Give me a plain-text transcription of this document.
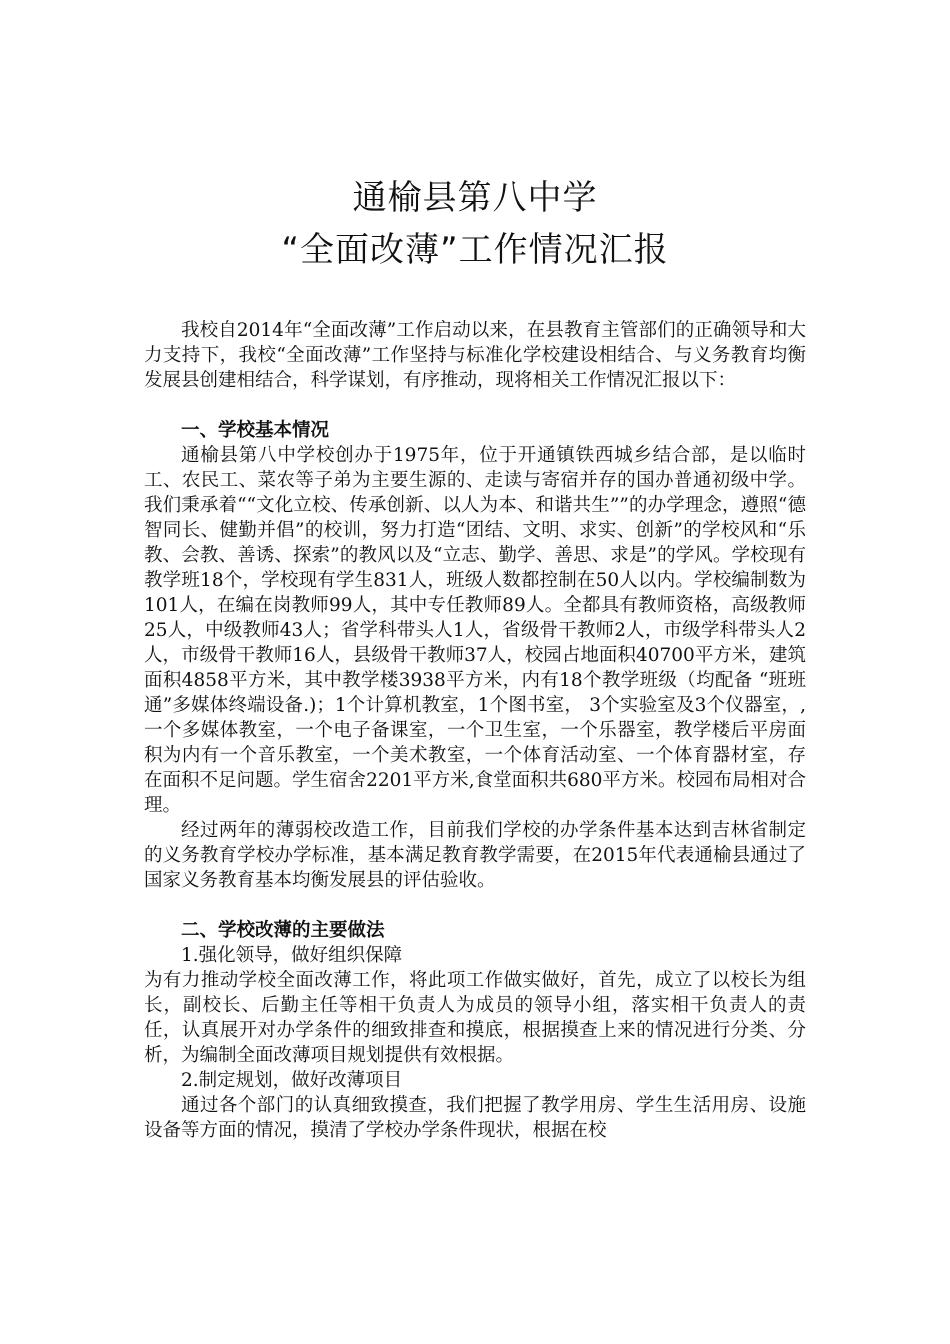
通榆县第八中学
“全面改薄”工作情况汇报

我校自2014年“全面改薄”工作启动以来，在县教育主管部们的正确领导和大力支持下，我校“全面改薄”工作坚持与标准化学校建设相结合、与义务教育均衡发展县创建相结合，科学谋划，有序推动，现将相关工作情况汇报以下：

一、学校基本情况

通榆县第八中学校创办于1975年，位于开通镇铁西城乡结合部，是以临时工、农民工、菜农等子弟为主要生源的、走读与寄宿并存的国办普通初级中学。我们秉承着““文化立校、传承创新、以人为本、和谐共生””的办学理念，遵照“德智同长、健勤并倡”的校训，努力打造“团结、文明、求实、创新”的学校风和“乐教、会教、善诱、探索”的教风以及“立志、勤学、善思、求是”的学风。学校现有教学班18个，学校现有学生831人，班级人数都控制在50人以内。学校编制数为101人，在编在岗教师99人，其中专任教师89人。全都具有教师资格，高级教师25人，中级教师43人；省学科带头人1人，省级骨干教师2人，市级学科带头人2人，市级骨干教师16人，县级骨干教师37人，校园占地面积40700平方米，建筑面积4858平方米，其中教学楼3938平方米，内有18个教学班级（均配备 “班班通”多媒体终端设备.)；1个计算机教室，1个图书室， 3个实验室及3个仪器室，,一个多媒体教室，一个电子备课室，一个卫生室，一个乐器室，教学楼后平房面积为内有一个音乐教室，一个美术教室，一个体育活动室、一个体育器材室，存在面积不足问题。学生宿舍2201平方米,食堂面积共680平方米。校园布局相对合理。

经过两年的薄弱校改造工作，目前我们学校的办学条件基本达到吉林省制定的义务教育学校办学标准，基本满足教育教学需要，在2015年代表通榆县通过了国家义务教育基本均衡发展县的评估验收。

二、学校改薄的主要做法

1.强化领导，做好组织保障

为有力推动学校全面改薄工作，将此项工作做实做好，首先，成立了以校长为组长，副校长、后勤主任等相干负责人为成员的领导小组，落实相干负责人的责任，认真展开对办学条件的细致排查和摸底，根据摸查上来的情况进行分类、分析，为编制全面改薄项目规划提供有效根据。

2.制定规划，做好改薄项目

通过各个部门的认真细致摸查，我们把握了教学用房、学生生活用房、设施设备等方面的情况，摸清了学校办学条件现状，根据在校
